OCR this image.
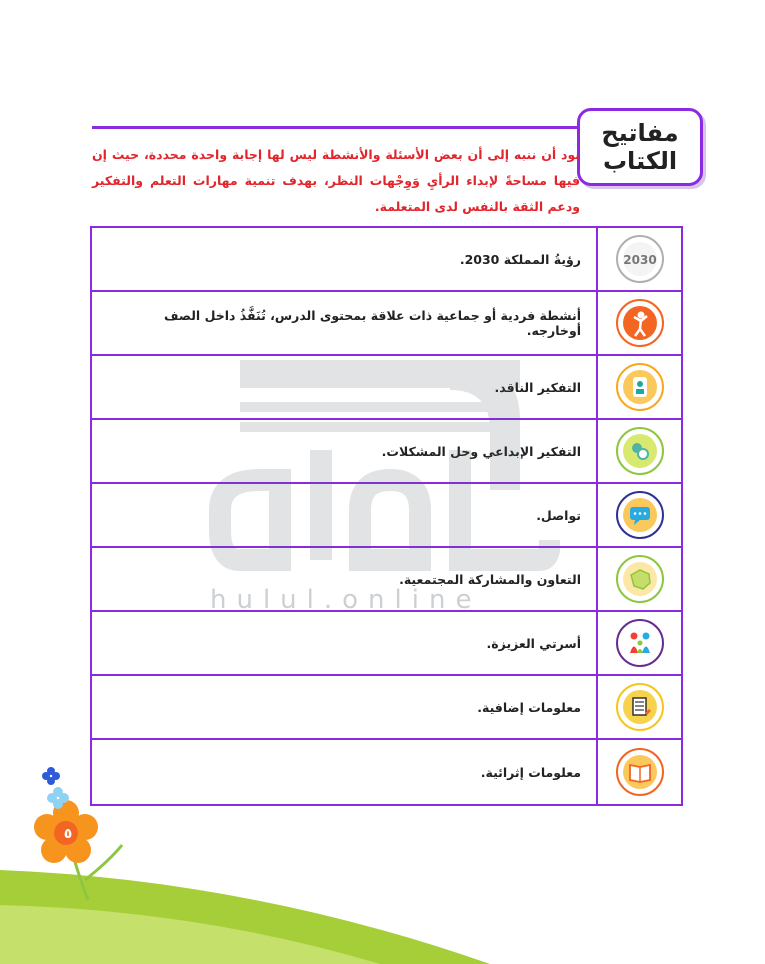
٥
مفاتيح
الكتاب
نود أن ننبه إلى أن بعض الأسئلة والأنشطة ليس لها إجابة واحدة محددة، حيث إن فيها مساحةً لإبداء الرأيِ وَوِجْهات النظر، بهدف تنمية مهارات التعلم والتفكير ودعم الثقة بالنفس لدى المتعلمة.
2030
رؤيةُ المملكة 2030.
أنشطة فردية أو جماعية ذات علاقة بمحتوى الدرس، تُنَفَّذُ داخل الصف أوخارجه.
التفكير الناقد.
التفكير الإبداعي وحل المشكلات.
تواصل.
التعاون والمشاركة المجتمعية.
أسرتي العزيزة.
معلومات إضافية.
معلومات إثرائية.
hulul.online
